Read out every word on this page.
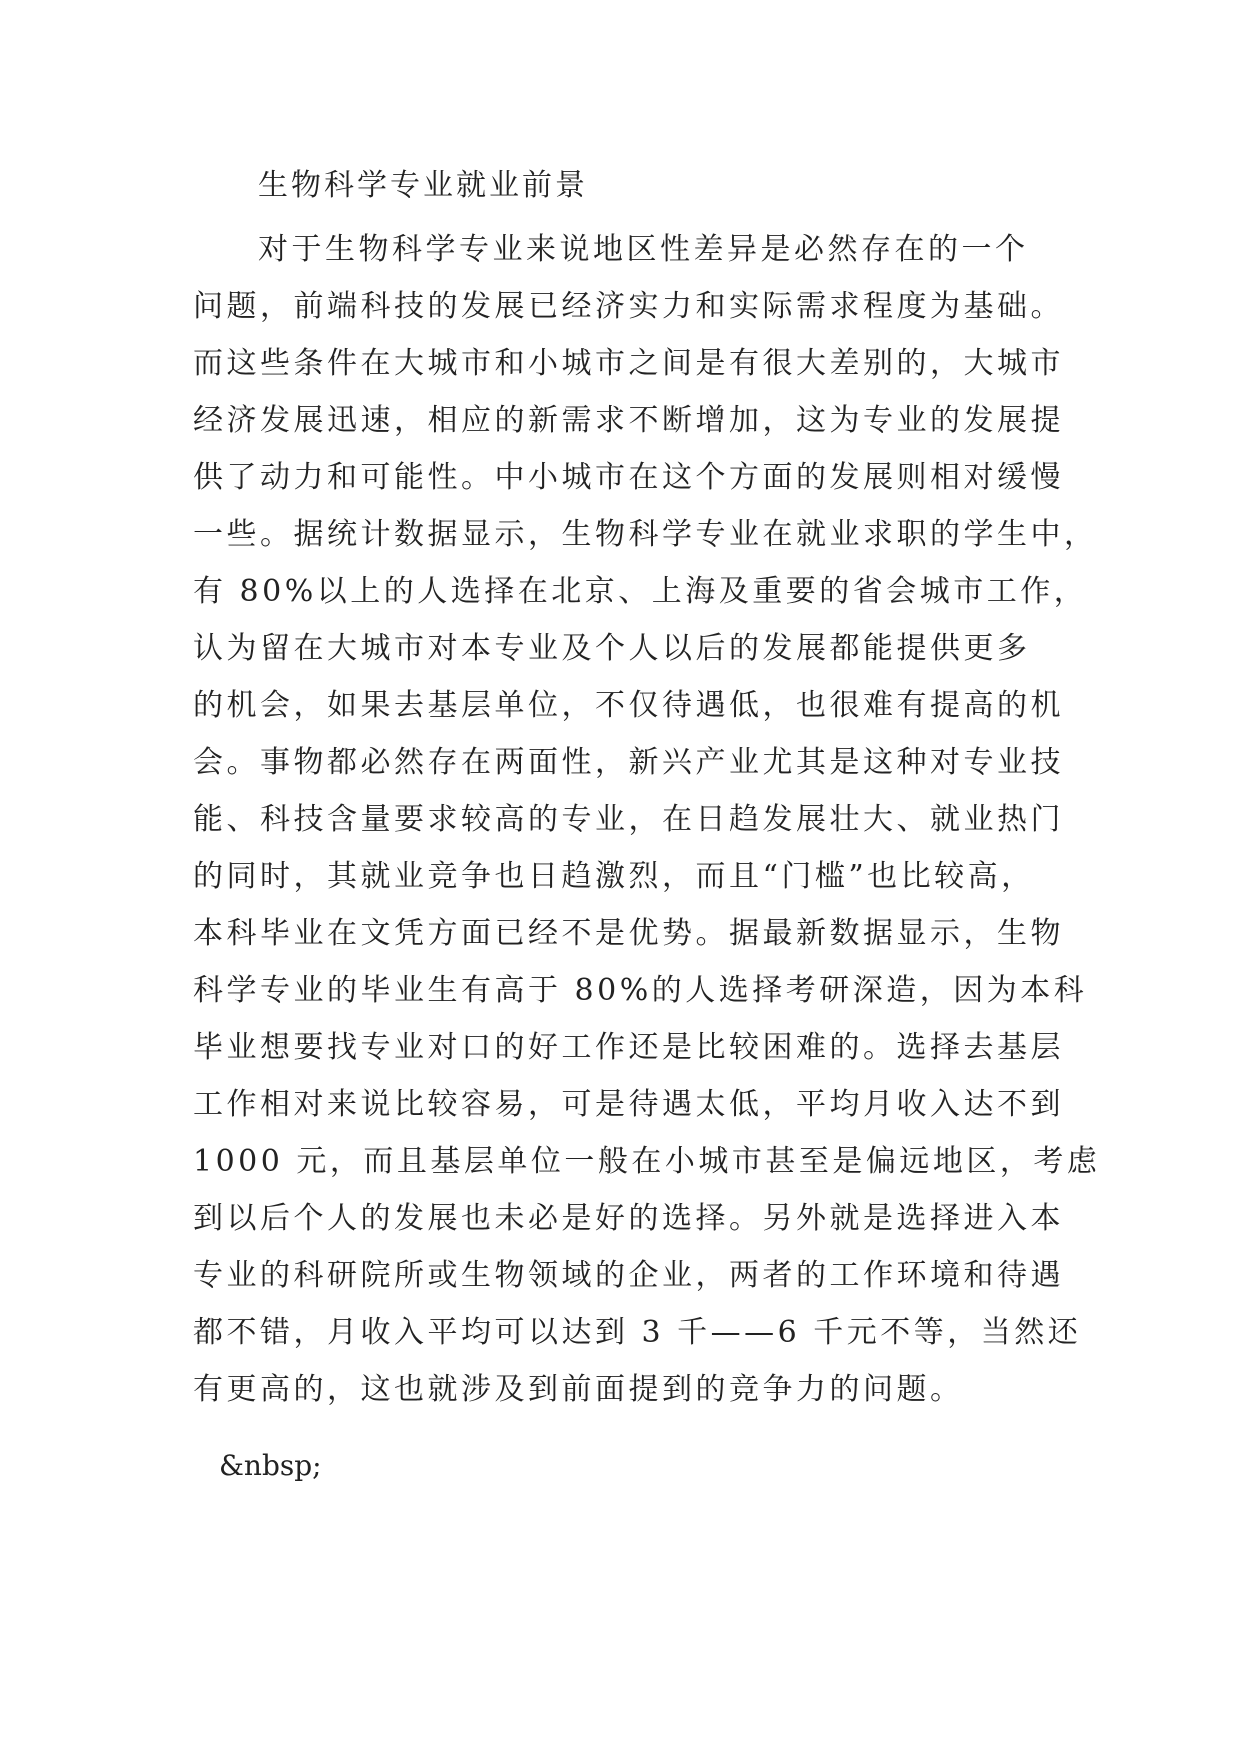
生物科学专业就业前景
对于生物科学专业来说地区性差异是必然存在的一个
问题，前端科技的发展已经济实力和实际需求程度为基础。
而这些条件在大城市和小城市之间是有很大差别的，大城市
经济发展迅速，相应的新需求不断增加，这为专业的发展提
供了动力和可能性。中小城市在这个方面的发展则相对缓慢
一些。据统计数据显示，生物科学专业在就业求职的学生中，
有 80%以上的人选择在北京、上海及重要的省会城市工作，
认为留在大城市对本专业及个人以后的发展都能提供更多
的机会，如果去基层单位，不仅待遇低，也很难有提高的机
会。事物都必然存在两面性，新兴产业尤其是这种对专业技
能、科技含量要求较高的专业，在日趋发展壮大、就业热门
的同时，其就业竞争也日趋激烈，而且“门槛”也比较高，
本科毕业在文凭方面已经不是优势。据最新数据显示，生物
科学专业的毕业生有高于 80%的人选择考研深造，因为本科
毕业想要找专业对口的好工作还是比较困难的。选择去基层
工作相对来说比较容易，可是待遇太低，平均月收入达不到
1000 元，而且基层单位一般在小城市甚至是偏远地区，考虑
到以后个人的发展也未必是好的选择。另外就是选择进入本
专业的科研院所或生物领域的企业，两者的工作环境和待遇
都不错，月收入平均可以达到 3 千——6 千元不等，当然还
有更高的，这也就涉及到前面提到的竞争力的问题。
&nbsp;
